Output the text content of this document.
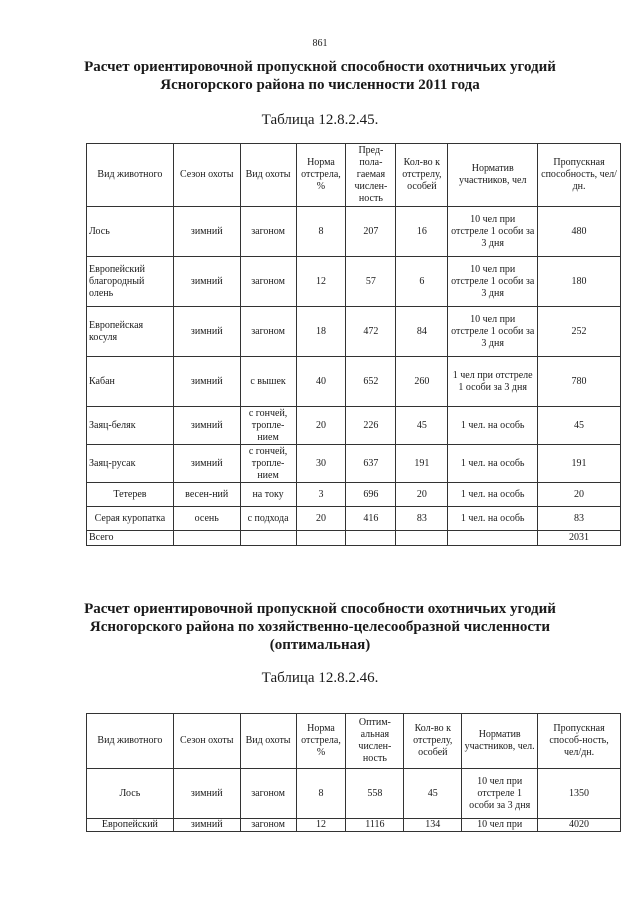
861
Расчет ориентировочной пропускной способности охотничьих угодий
Ясногорского района по численности 2011 года
Таблица 12.8.2.45.
Вид животного	Сезон охоты	Вид охоты	Норма отстрела, %	Пред-пола-гаемая числен-ность	Кол-во к отстрелу, особей	Норматив участников, чел	Пропускная способность, чел/дн.
Лось	зимний	загоном	8	207	16	10 чел при отстреле 1 особи за 3 дня	480
Европейский благородный олень	зимний	загоном	12	57	6	10 чел при отстреле 1 особи за 3 дня	180
Европейская косуля	зимний	загоном	18	472	84	10 чел при отстреле 1 особи за 3 дня	252
Кабан	зимний	с вышек	40	652	260	1 чел при отстреле 1 особи за 3 дня	780
Заяц-беляк	зимний	с гончей, тропле-нием	20	226	45	1 чел. на особь	45
Заяц-русак	зимний	с гончей, тропле-нием	30	637	191	1 чел. на особь	191
Тетерев	весен-ний	на току	3	696	20	1 чел. на особь	20
Серая куропатка	осень	с подхода	20	416	83	1 чел. на особь	83
Всего							2031
Расчет ориентировочной пропускной способности охотничьих угодий
Ясногорского района по хозяйственно-целесообразной численности
(оптимальная)
Таблица 12.8.2.46.
Вид животного	Сезон охоты	Вид охоты	Норма отстрела, %	Оптим-альная числен-ность	Кол-во к отстрелу, особей	Норматив участников, чел.	Пропускная способ-ность, чел/дн.
Лось	зимний	загоном	8	558	45	10 чел при отстреле 1 особи за 3 дня	1350
Европейский	зимний	загоном	12	1116	134	10 чел при	4020
